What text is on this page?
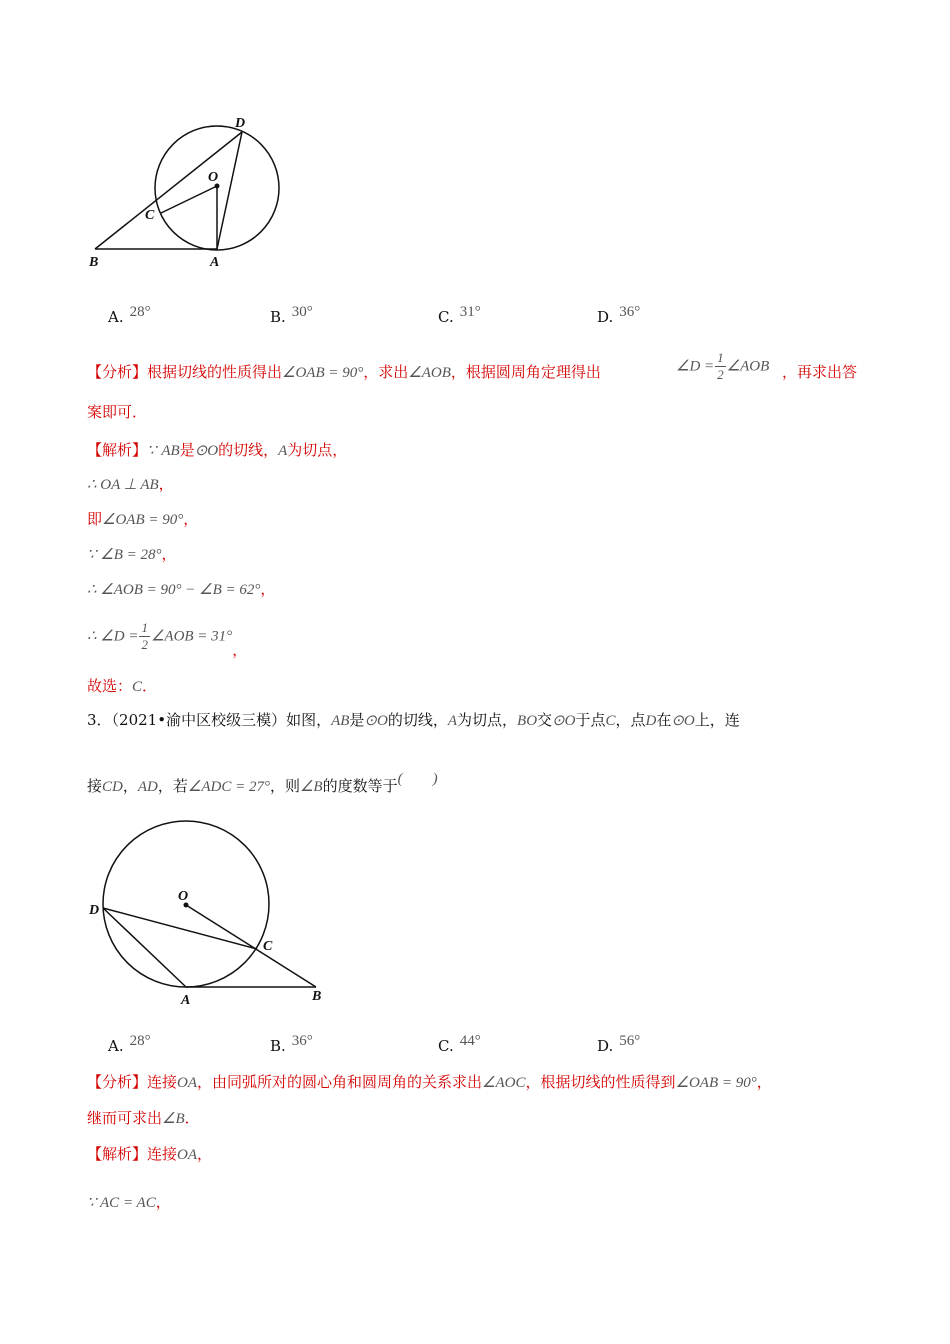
D
O
C
B	A
A. 28°	B. 30°	C. 31°	D. 36°
【分析】根据切线的性质得出∠OAB = 90°，求出∠AOB，根据圆周角定理得出	∠D = $\frac{1}{2}$ ∠AOB ，再求出答
案即可．
【解析】∵ AB是⊙O的切线，A为切点，
∴ OA ⊥ AB，
即∠OAB = 90°，
∵ ∠B = 28°，
∴ ∠AOB = 90° − ∠B = 62°，
∴ ∠D = $\frac{1}{2}$ ∠AOB = 31°，
故选：C．
3．（2021•渝中区校级三模）如图，AB是⊙O的切线，A为切点，BO交⊙O于点C，点D在⊙O上，连
接CD，AD，若∠ADC = 27°，则∠B的度数等于(　　)
D
O
C
A	B
A. 28°	B. 36°	C. 44°	D. 56°
【分析】连接OA，由同弧所对的圆心角和圆周角的关系求出∠AOC，根据切线的性质得到∠OAB = 90°，
继而可求出∠B．
【解析】连接OA，
∵ AC = AC，
